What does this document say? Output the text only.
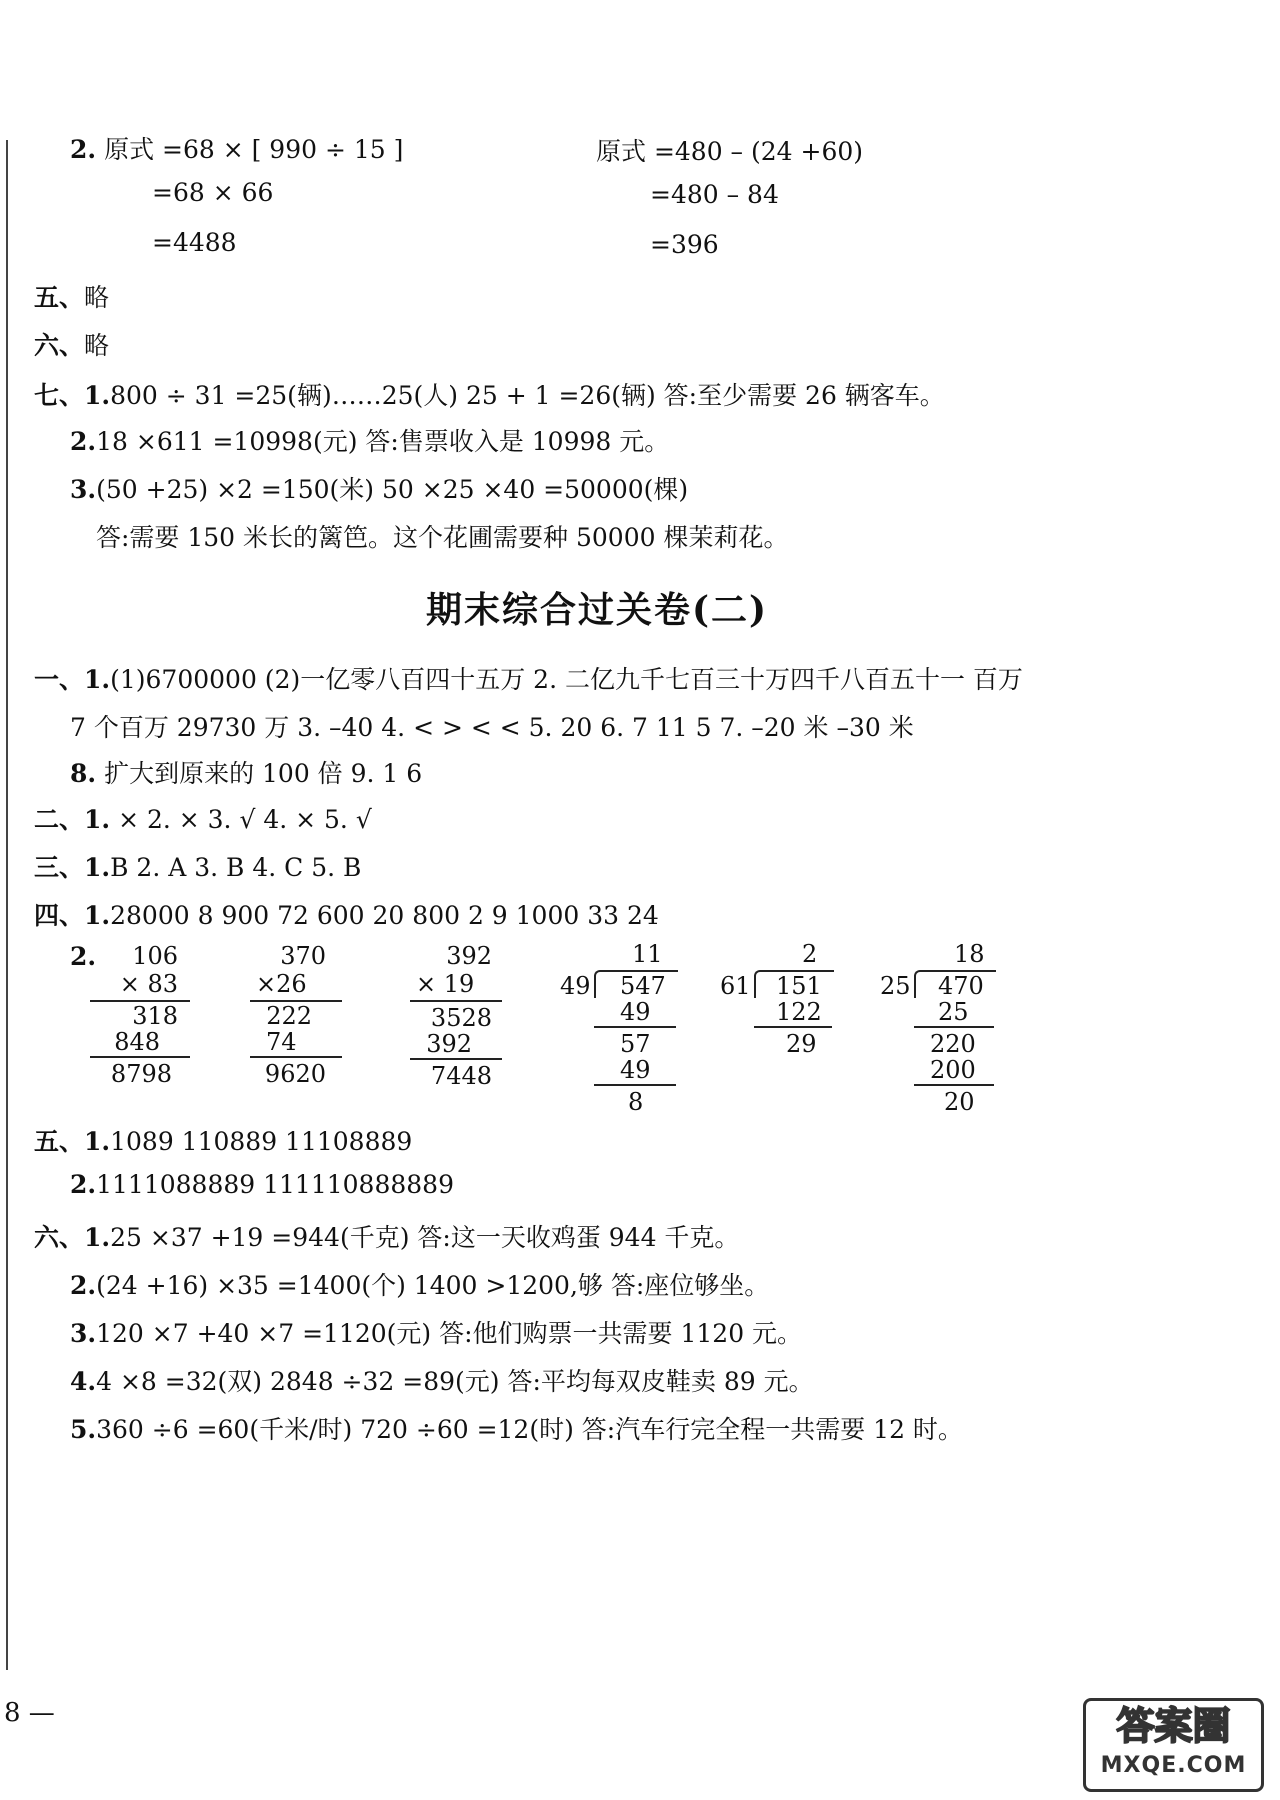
2. 原式 =68 × [ 990 ÷ 15 ]
=68 × 66
=4488
原式 =480 – (24 +60)
=480 – 84
=396
五、略
六、略
七、1.800 ÷ 31 =25(辆)……25(人) 25 + 1 =26(辆) 答:至少需要 26 辆客车。
2.18 ×611 =10998(元) 答:售票收入是 10998 元。
3.(50 +25) ×2 =150(米) 50 ×25 ×40 =50000(棵)
答:需要 150 米长的篱笆。这个花圃需要种 50000 棵茉莉花。
期末综合过关卷(二)
一、1.(1)6700000 (2)一亿零八百四十五万 2. 二亿九千七百三十万四千八百五十一 百万
7 个百万 29730 万 3. –40 4. < > < < 5. 20 6. 7 11 5 7. –20 米 –30 米
8. 扩大到原来的 100 倍 9. 1 6
二、1. × 2. × 3. √ 4. × 5. √
三、1.B 2. A 3. B 4. C 5. B
四、1.28000 8 900 72 600 20 800 2 9 1000 33 24
2. 106
× 83
318
848
8798
370
×26
222
74
9620
392
× 19
3528
392
7448
11
49 547
49
57
49
8
2
61 151
122
29
18
25 470
25
220
200
20
五、1.1089 110889 11108889
2.1111088889 111110888889
六、1.25 ×37 +19 =944(千克) 答:这一天收鸡蛋 944 千克。
2.(24 +16) ×35 =1400(个) 1400 >1200,够 答:座位够坐。
3.120 ×7 +40 ×7 =1120(元) 答:他们购票一共需要 1120 元。
4.4 ×8 =32(双) 2848 ÷32 =89(元) 答:平均每双皮鞋卖 89 元。
5.360 ÷6 =60(千米/时) 720 ÷60 =12(时) 答:汽车行完全程一共需要 12 时。
8 —	答案圈
MXQE.COM
